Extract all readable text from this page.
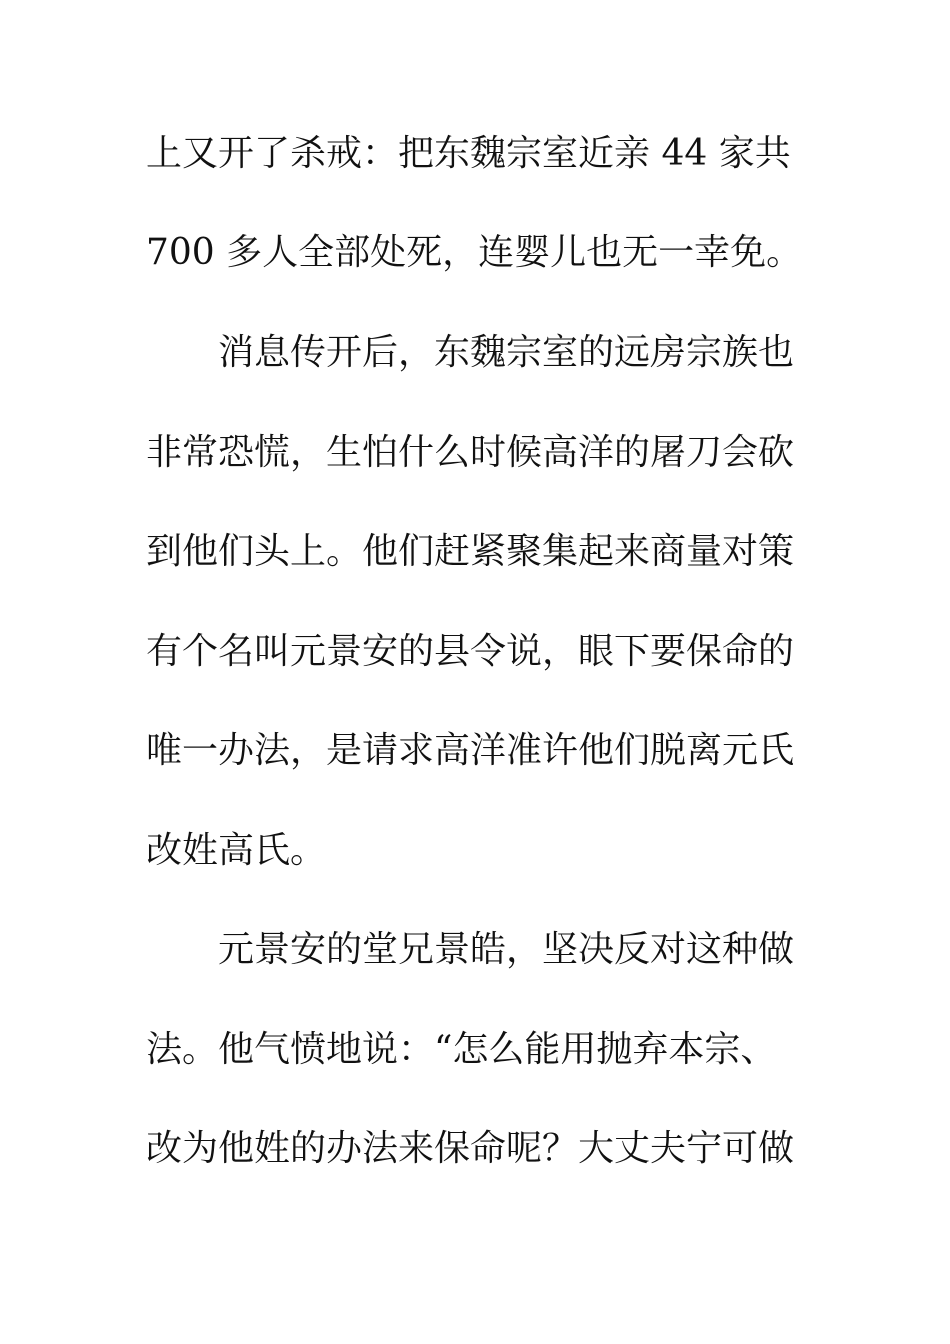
上又开了杀戒：把东魏宗室近亲 44 家共
700 多人全部处死，连婴儿也无一幸免。
消息传开后，东魏宗室的远房宗族也
非常恐慌，生怕什么时候高洋的屠刀会砍
到他们头上。他们赶紧聚集起来商量对策
有个名叫元景安的县令说，眼下要保命的
唯一办法，是请求高洋准许他们脱离元氏
改姓高氏。
元景安的堂兄景皓，坚决反对这种做
法。他气愤地说：“怎么能用抛弃本宗、
改为他姓的办法来保命呢？大丈夫宁可做
